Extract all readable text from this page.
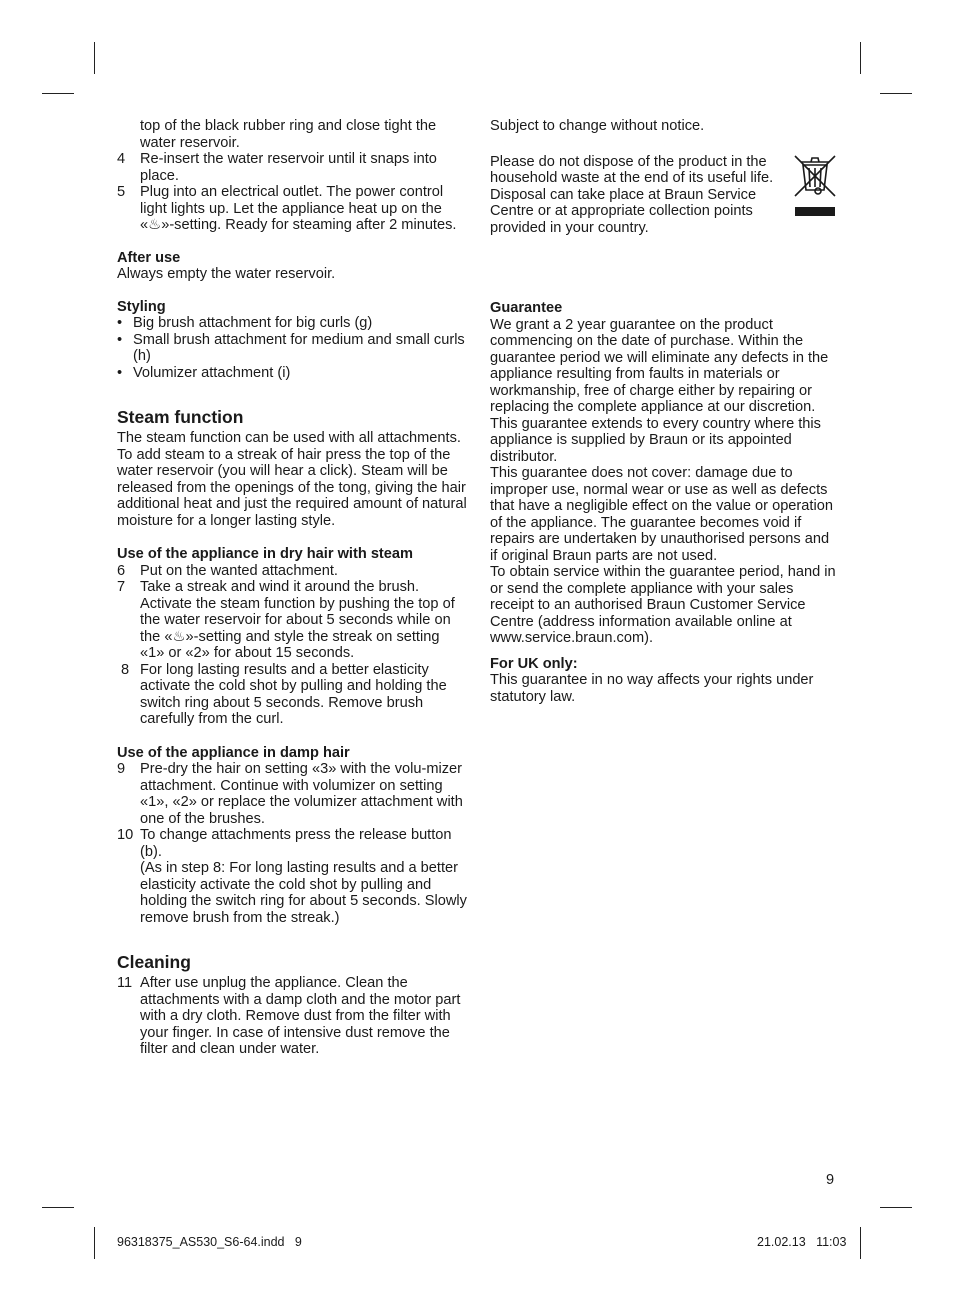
top of the black rubber ring and close tight the water reservoir.
4	Re-insert the water reservoir until it snaps into place.
5	Plug into an electrical outlet. The power control light lights up. Let the appliance heat up on the «♨»-setting. Ready for steaming after 2 minutes.

After use

Always empty the water reservoir.

Styling

• Big brush attachment for big curls (g)
• Small brush attachment for medium and small curls (h)
• Volumizer attachment (i)

Steam function

The steam function can be used with all attachments. To add steam to a streak of hair press the top of the water reservoir (you will hear a click). Steam will be released from the openings of the tong, giving the hair additional heat and just the required amount of natural moisture for a longer lasting style.

Use of the appliance in dry hair with steam

6	Put on the wanted attachment.
7	Take a streak and wind it around the brush. Activate the steam function by pushing the top of the water reservoir for about 5 seconds while on the «♨»-setting and style the streak on setting «1» or «2» for about 15 seconds.
8 For long lasting results and a better elasticity activate the cold shot by pulling and holding the switch ring about 5 seconds. Remove brush carefully from the curl.

Use of the appliance in damp hair

9	Pre-dry the hair on setting «3» with the volu-mizer attachment. Continue with volumizer on setting «1», «2» or replace the volumizer attachment with one of the brushes.
10 To change attachments press the release button (b).

(As in step 8: For long lasting results and a better elasticity activate the cold shot by pulling and holding the switch ring for about 5 seconds. Slowly remove brush from the streak.)

Cleaning

11 After use unplug the appliance. Clean the attachments with a damp cloth and the motor part with a dry cloth. Remove dust from the filter with your finger. In case of intensive dust remove the filter and clean under water.

Subject to change without notice.

Please do not dispose of the product in the household waste at the end of its useful life. Disposal can take place at Braun Service Centre or at appropriate collection points provided in your country.

Guarantee

We grant a 2 year guarantee on the product commencing on the date of purchase. Within the guarantee period we will eliminate any defects in the appliance resulting from faults in materials or workmanship, free of charge either by repairing or replacing the complete appliance at our discretion.

This guarantee extends to every country where this appliance is supplied by Braun or its appointed distributor.

This guarantee does not cover: damage due to improper use, normal wear or use as well as defects that have a negligible effect on the value or operation of the appliance. The guarantee becomes void if repairs are undertaken by unauthorised persons and if original Braun parts are not used.

To obtain service within the guarantee period, hand in or send the complete appliance with your sales receipt to an authorised Braun Customer Service Centre (address information available online at www.service.braun.com).

For UK only:

This guarantee in no way affects your rights under statutory law.

9
96318375_AS530_S6-64.indd   9	21.02.13   11:03
